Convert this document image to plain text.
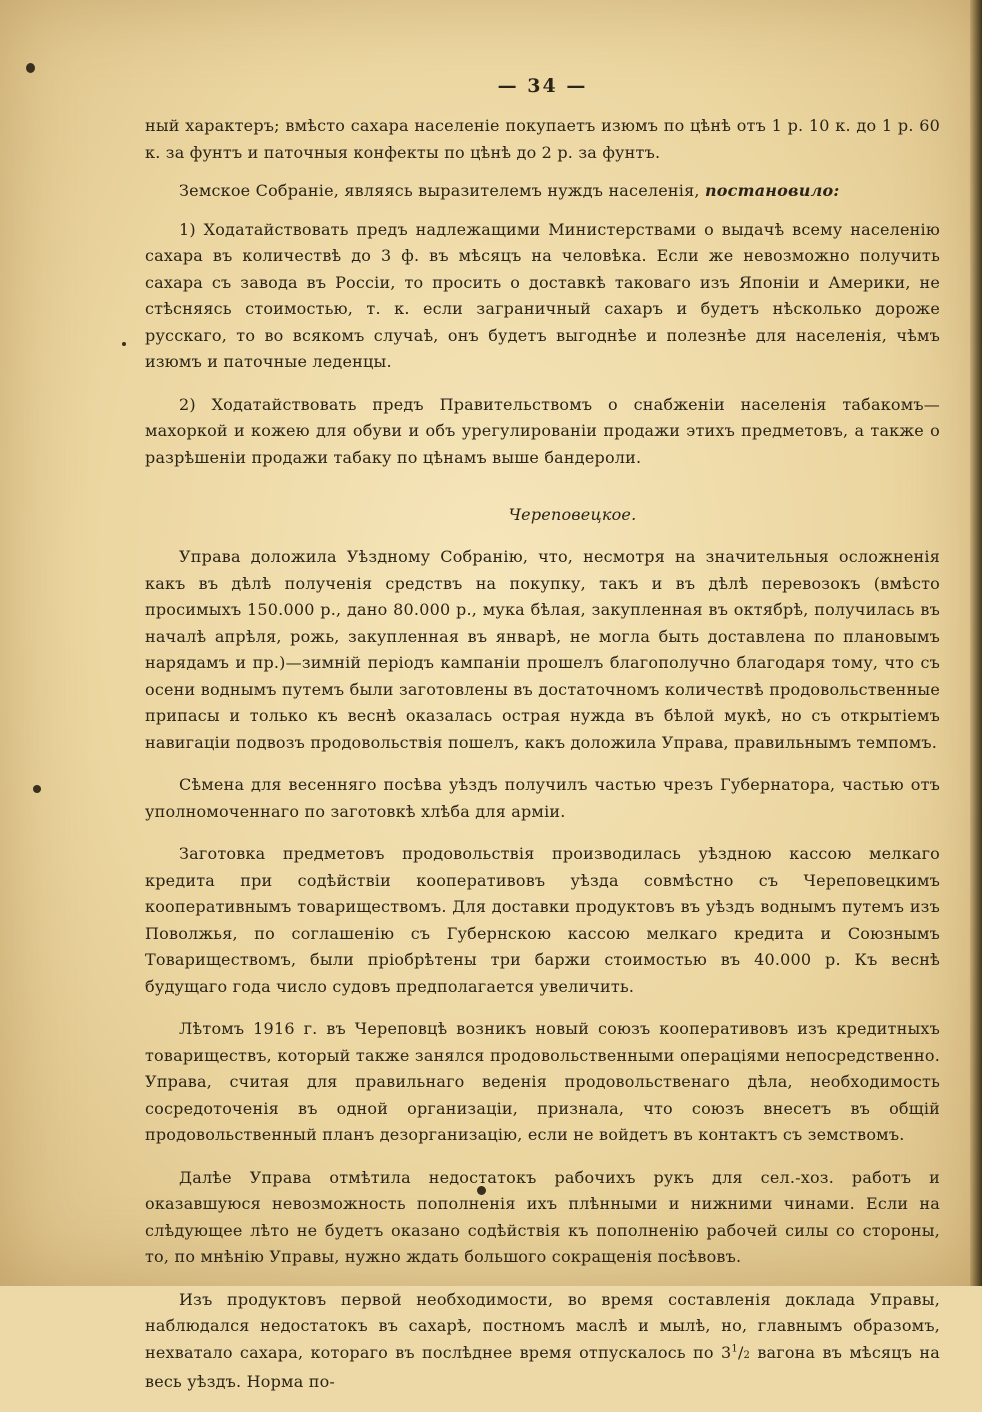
— 34 —

ный характеръ; вмѣсто сахара населеніе покупаетъ изюмъ по цѣнѣ отъ 1 р. 10 к. до 1 р. 60 к. за фунтъ и паточныя конфекты по цѣнѣ до 2 р. за фунтъ.

Земское Собраніе, являясь выразителемъ нуждъ населенія, постановило:

1) Ходатайствовать предъ надлежащими Министерствами о выдачѣ всему населенію сахара въ количествѣ до 3 ф. въ мѣсяцъ на человѣка. Если же невозможно получить сахара съ завода въ Россіи, то просить о доставкѣ таковаго изъ Японіи и Америки, не стѣсняясь стоимостью, т. к. если заграничный сахаръ и будетъ нѣсколько дороже русскаго, то во всякомъ случаѣ, онъ будетъ выгоднѣе и полезнѣе для населенія, чѣмъ изюмъ и паточные леденцы.

2) Ходатайствовать предъ Правительствомъ о снабженіи населенія табакомъ—махоркой и кожею для обуви и объ урегулированіи продажи этихъ предметовъ, а также о разрѣшеніи продажи табаку по цѣнамъ выше бандероли.

Череповецкое.

Управа доложила Уѣздному Собранію, что, несмотря на значительныя осложненія какъ въ дѣлѣ полученія средствъ на покупку, такъ и въ дѣлѣ перевозокъ (вмѣсто просимыхъ 150.000 р., дано 80.000 р., мука бѣлая, закупленная въ октябрѣ, получилась въ началѣ апрѣля, рожь, закупленная въ январѣ, не могла быть доставлена по плановымъ нарядамъ и пр.)—зимній періодъ кампаніи прошелъ благополучно благодаря тому, что съ осени воднымъ путемъ были заготовлены въ достаточномъ количествѣ продовольственные припасы и только къ веснѣ оказалась острая нужда въ бѣлой мукѣ, но съ открытіемъ навигаціи подвозъ продовольствія пошелъ, какъ доложила Управа, правильнымъ темпомъ.

Сѣмена для весенняго посѣва уѣздъ получилъ частью чрезъ Губернатора, частью отъ уполномоченнаго по заготовкѣ хлѣба для арміи.

Заготовка предметовъ продовольствія производилась уѣздною кассою мелкаго кредита при содѣйствіи кооперативовъ уѣзда совмѣстно съ Череповецкимъ кооперативнымъ товариществомъ. Для доставки продуктовъ въ уѣздъ воднымъ путемъ изъ Поволжья, по соглашенію съ Губернскою кассою мелкаго кредита и Союзнымъ Товариществомъ, были пріобрѣтены три баржи стоимостью въ 40.000 р. Къ веснѣ будущаго года число судовъ предполагается увеличить.

Лѣтомъ 1916 г. въ Череповцѣ возникъ новый союзъ кооперативовъ изъ кредитныхъ товариществъ, который также занялся продовольственными операціями непосредственно. Управа, считая для правильнаго веденія продовольственаго дѣла, необходимость сосредоточенія въ одной организаціи, признала, что союзъ внесетъ въ общій продовольственный планъ дезорганизацію, если не войдетъ въ контактъ съ земствомъ.

Далѣе Управа отмѣтила недостатокъ рабочихъ рукъ для сел.-хоз. работъ и оказавшуюся невозможность пополненія ихъ плѣнными и нижними чинами. Если на слѣдующее лѣто не будетъ оказано содѣйствія къ пополненію рабочей силы со стороны, то, по мнѣнію Управы, нужно ждать большого сокращенія посѣвовъ.

Изъ продуктовъ первой необходимости, во время составленія доклада Управы, наблюдался недостатокъ въ сахарѣ, постномъ маслѣ и мылѣ, но, главнымъ образомъ, нехватало сахара, котораго въ послѣднее время отпускалось по $3^1/2$ вагона въ мѣсяцъ на весь уѣздъ. Норма по-
